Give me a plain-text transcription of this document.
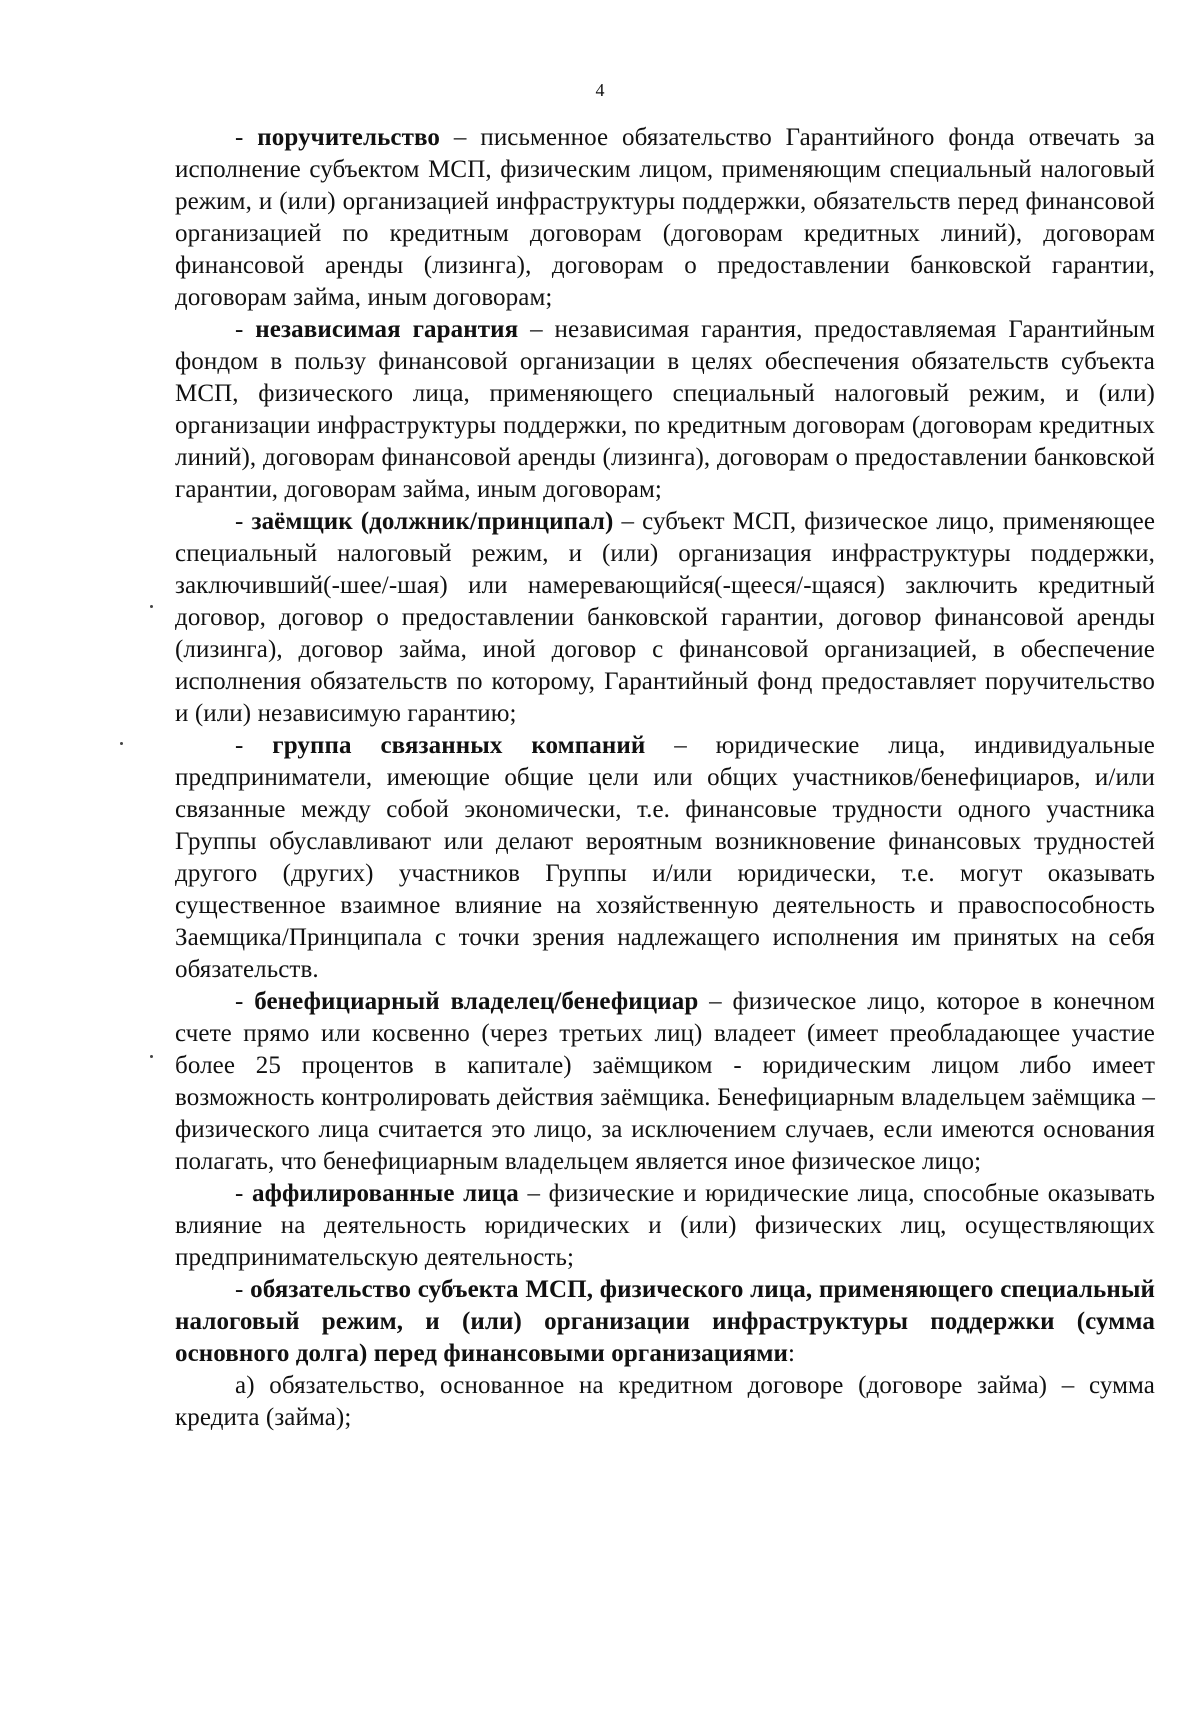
4

- поручительство – письменное обязательство Гарантийного фонда отвечать за исполнение субъектом МСП, физическим лицом, применяющим специальный налоговый режим, и (или) организацией инфраструктуры поддержки, обязательств перед финансовой организацией по кредитным договорам (договорам кредитных линий), договорам финансовой аренды (лизинга), договорам о предоставлении банковской гарантии, договорам займа, иным договорам;

- независимая гарантия – независимая гарантия, предоставляемая Гарантийным фондом в пользу финансовой организации в целях обеспечения обязательств субъекта МСП, физического лица, применяющего специальный налоговый режим, и (или) организации инфраструктуры поддержки, по кредитным договорам (договорам кредитных линий), договорам финансовой аренды (лизинга), договорам о предоставлении банковской гарантии, договорам займа, иным договорам;

- заёмщик (должник/принципал) – субъект МСП, физическое лицо, применяющее специальный налоговый режим, и (или) организация инфраструктуры поддержки, заключивший(-шее/-шая) или намеревающийся(-щееся/-щаяся) заключить кредитный договор, договор о предоставлении банковской гарантии, договор финансовой аренды (лизинга), договор займа, иной договор с финансовой организацией, в обеспечение исполнения обязательств по которому, Гарантийный фонд предоставляет поручительство и (или) независимую гарантию;

- группа связанных компаний – юридические лица, индивидуальные предприниматели, имеющие общие цели или общих участников/бенефициаров, и/или связанные между собой экономически, т.е. финансовые трудности одного участника Группы обуславливают или делают вероятным возникновение финансовых трудностей другого (других) участников Группы и/или юридически, т.е. могут оказывать существенное взаимное влияние на хозяйственную деятельность и правоспособность Заемщика/Принципала с точки зрения надлежащего исполнения им принятых на себя обязательств.

- бенефициарный владелец/бенефициар – физическое лицо, которое в конечном счете прямо или косвенно (через третьих лиц) владеет (имеет преобладающее участие более 25 процентов в капитале) заёмщиком - юридическим лицом либо имеет возможность контролировать действия заёмщика. Бенефициарным владельцем заёмщика – физического лица считается это лицо, за исключением случаев, если имеются основания полагать, что бенефициарным владельцем является иное физическое лицо;

- аффилированные лица – физические и юридические лица, способные оказывать влияние на деятельность юридических и (или) физических лиц, осуществляющих предпринимательскую деятельность;

- обязательство субъекта МСП, физического лица, применяющего специальный налоговый режим, и (или) организации инфраструктуры поддержки (сумма основного долга) перед финансовыми организациями:

а) обязательство, основанное на кредитном договоре (договоре займа) – сумма кредита (займа);
